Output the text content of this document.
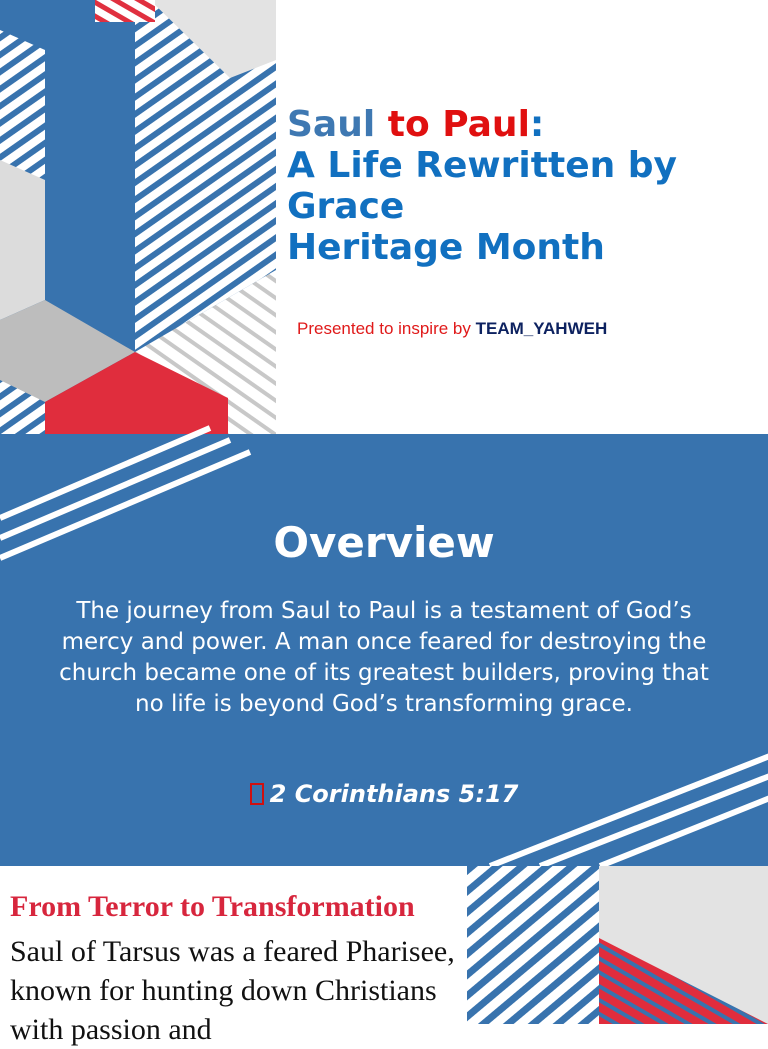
Saul to Paul:
A Life Rewritten by Grace
Heritage Month
Presented to inspire by TEAM_YAHWEH
Overview
The journey from Saul to Paul is a testament of God’s mercy and power. A man once feared for destroying the church became one of its greatest builders, proving that no life is beyond God’s transforming grace.
2 Corinthians 5:17
From Terror to Transformation
Saul of Tarsus was a feared Pharisee, known for hunting down Christians with passion and
